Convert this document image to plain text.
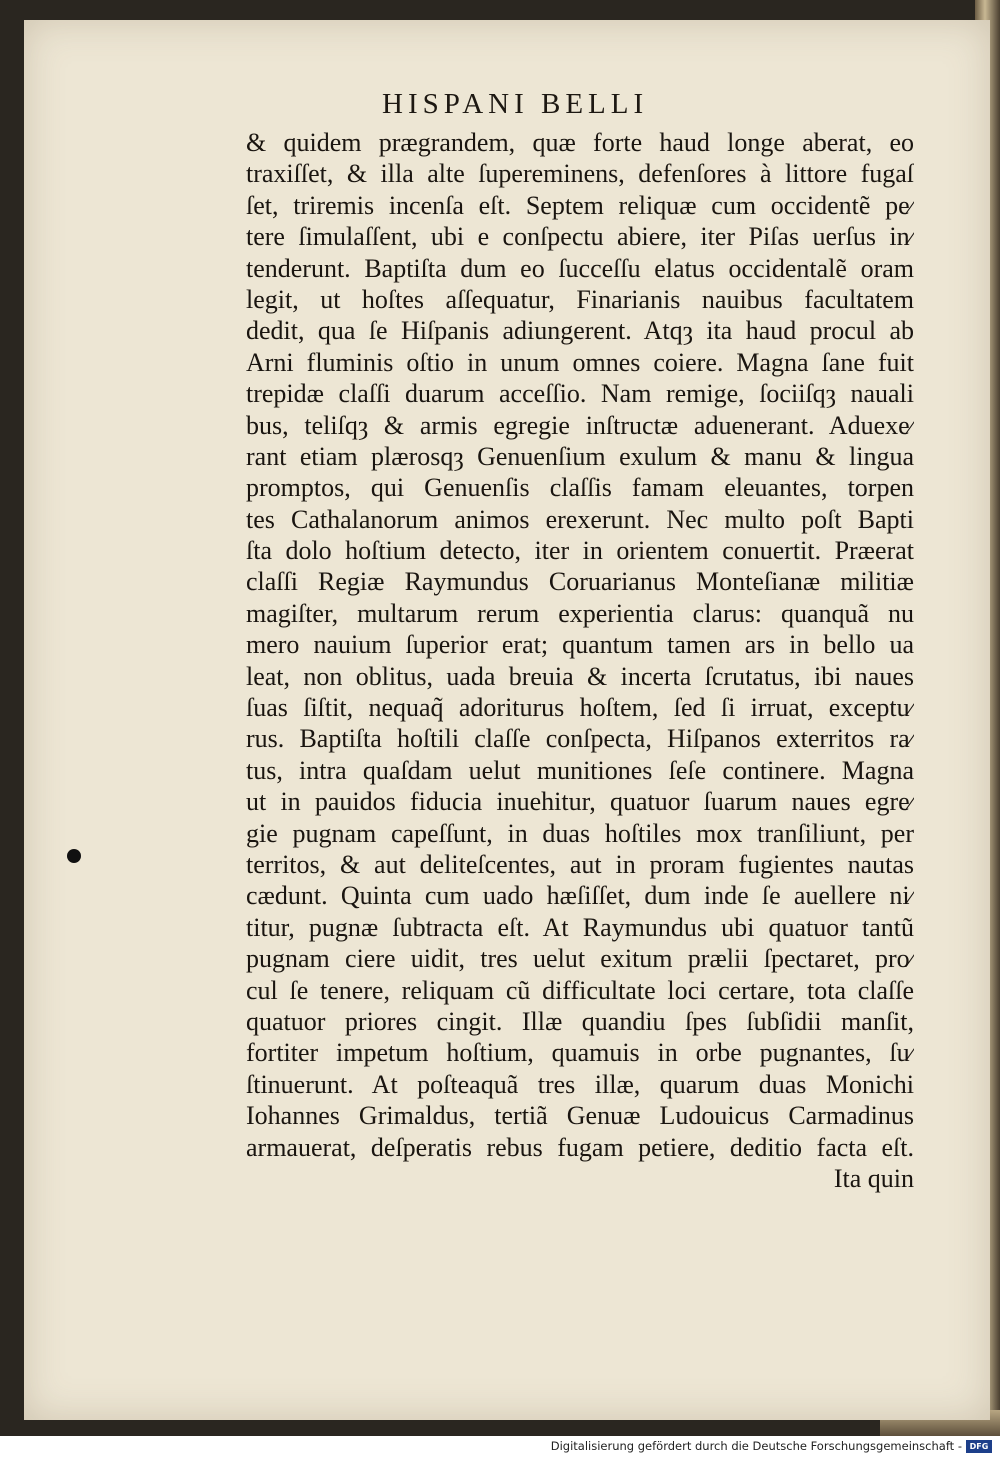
HISPANI BELLI
& quidem prægrandem, quæ forte haud longe aberat, eo
traxiſſet, & illa alte ſupereminens, defenſores à littore fugaſ
ſet, triremis incenſa eſt. Septem reliquæ cum occidentẽ pe⁄
tere ſimulaſſent, ubi e conſpectu abiere, iter Piſas uerſus in⁄
tenderunt. Baptiſta dum eo ſucceſſu elatus occidentalẽ oram
legit, ut hoſtes aſſequatur, Finarianis nauibus facultatem
dedit, qua ſe Hiſpanis adiungerent. Atqȝ ita haud procul ab
Arni fluminis oſtio in unum omnes coiere. Magna ſane fuit
trepidæ claſſi duarum acceſſio. Nam remige, ſociiſqȝ nauali
bus, teliſqȝ & armis egregie inſtructæ aduenerant. Aduexe⁄
rant etiam plærosqȝ Genuenſium exulum & manu & lingua
promptos, qui Genuenſis claſſis famam eleuantes, torpen
tes Cathalanorum animos erexerunt. Nec multo poſt Bapti
ſta dolo hoſtium detecto, iter in orientem conuertit. Præerat
claſſi Regiæ Raymundus Coruarianus Monteſianæ militiæ
magiſter, multarum rerum experientia clarus: quanquã nu
mero nauium ſuperior erat; quantum tamen ars in bello ua
leat, non oblitus, uada breuia & incerta ſcrutatus, ibi naues
ſuas ſiſtit, nequaq̃ adoriturus hoſtem, ſed ſi irruat, exceptu⁄
rus. Baptiſta hoſtili claſſe conſpecta, Hiſpanos exterritos ra⁄
tus, intra quaſdam uelut munitiones ſeſe continere. Magna
ut in pauidos fiducia inuehitur, quatuor ſuarum naues egre⁄
gie pugnam capeſſunt, in duas hoſtiles mox tranſiliunt, per
territos, & aut deliteſcentes, aut in proram fugientes nautas
cædunt. Quinta cum uado hæſiſſet, dum inde ſe auellere ni⁄
titur, pugnæ ſubtracta eſt. At Raymundus ubi quatuor tantũ
pugnam ciere uidit, tres uelut exitum prælii ſpectaret, pro⁄
cul ſe tenere, reliquam cũ difficultate loci certare, tota claſſe
quatuor priores cingit. Illæ quandiu ſpes ſubſidii manſit,
fortiter impetum hoſtium, quamuis in orbe pugnantes, ſu⁄
ſtinuerunt. At poſteaquã tres illæ, quarum duas Monichi
Iohannes Grimaldus, tertiã Genuæ Ludouicus Carmadinus
armauerat, deſperatis rebus fugam petiere, deditio facta eſt.
Ita quin
Digitalisierung gefördert durch die Deutsche Forschungsgemeinschaft - DFG
